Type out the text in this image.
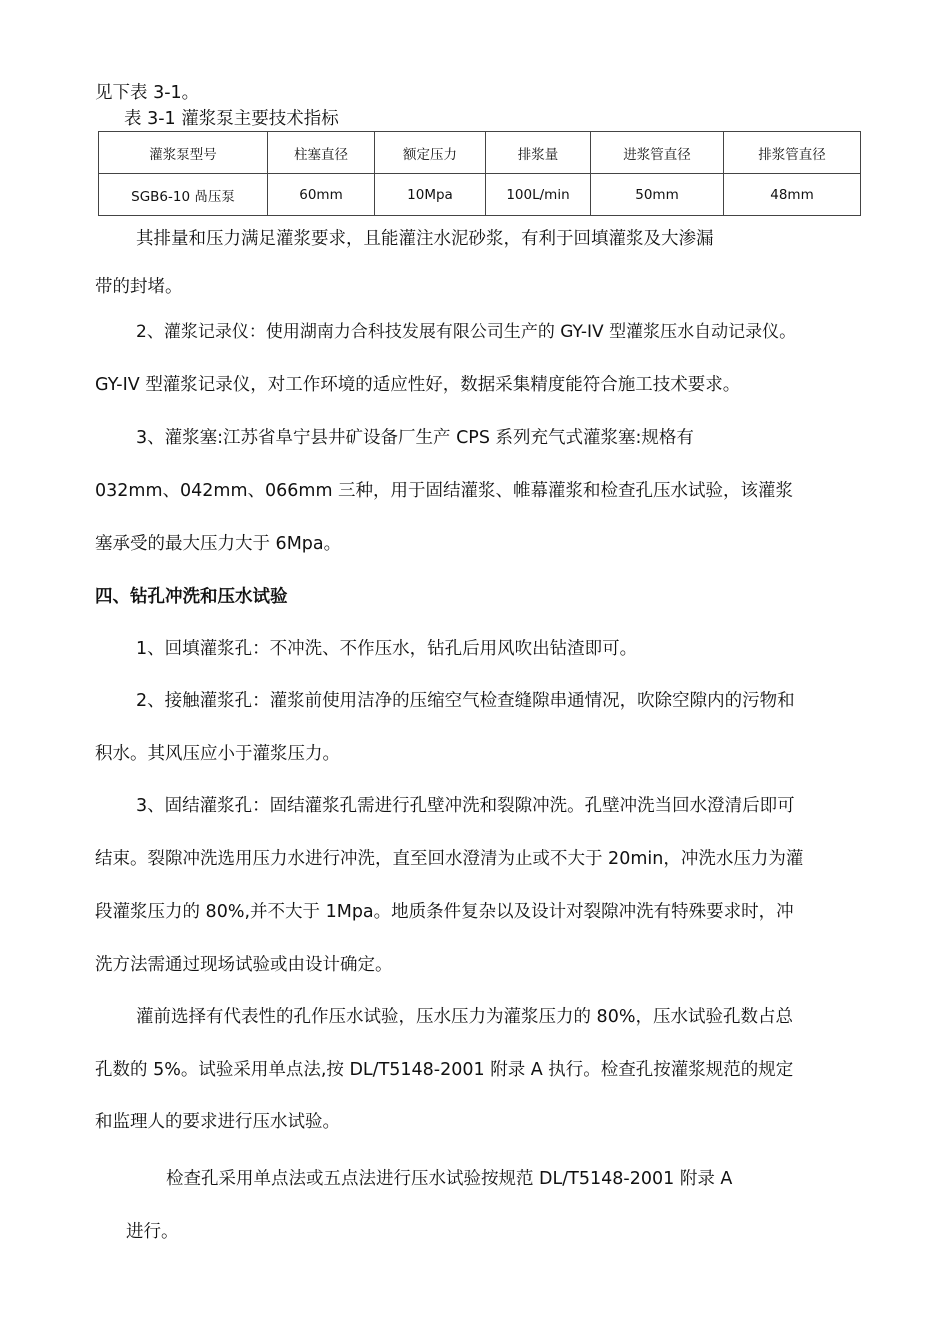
见下表 3-1。
表 3-1 灌浆泵主要技术指标
灌浆泵型号	柱塞直径	额定压力	排浆量	进浆管直径	排浆管直径
SGB6-10 咼压泵	60mm	10Mpa	100L/min	50mm	48mm
其排量和压力满足灌浆要求，且能灌注水泥砂浆，有利于回填灌浆及大渗漏
带的封堵。
2、灌浆记录仪：使用湖南力合科技发展有限公司生产的 GY-IV 型灌浆压水自动记录仪。
GY-IV 型灌浆记录仪，对工作环境的适应性好，数据采集精度能符合施工技术要求。
3、灌浆塞:江苏省阜宁县井矿设备厂生产 CPS 系列充气式灌浆塞:规格有
032mm、042mm、066mm 三种，用于固结灌浆、帷幕灌浆和检查孔压水试验，该灌浆
塞承受的最大压力大于 6Mpa。
四、钻孔冲洗和压水试验
1、回填灌浆孔：不冲洗、不作压水，钻孔后用风吹出钻渣即可。
2、接触灌浆孔：灌浆前使用洁净的压缩空气检查缝隙串通情况，吹除空隙内的污物和
积水。其风压应小于灌浆压力。
3、固结灌浆孔：固结灌浆孔需进行孔壁冲洗和裂隙冲洗。孔壁冲洗当回水澄清后即可
结束。裂隙冲洗选用压力水进行冲洗，直至回水澄清为止或不大于 20min，冲洗水压力为灌
段灌浆压力的 80%,并不大于 1Mpa。地质条件复杂以及设计对裂隙冲洗有特殊要求时，冲
洗方法需通过现场试验或由设计确定。
灌前选择有代表性的孔作压水试验，压水压力为灌浆压力的 80%，压水试验孔数占总
孔数的 5%。试验采用单点法,按 DL/T5148-2001 附录 A 执行。检查孔按灌浆规范的规定
和监理人的要求进行压水试验。
检查孔采用单点法或五点法进行压水试验按规范 DL/T5148-2001 附录 A
进行。
